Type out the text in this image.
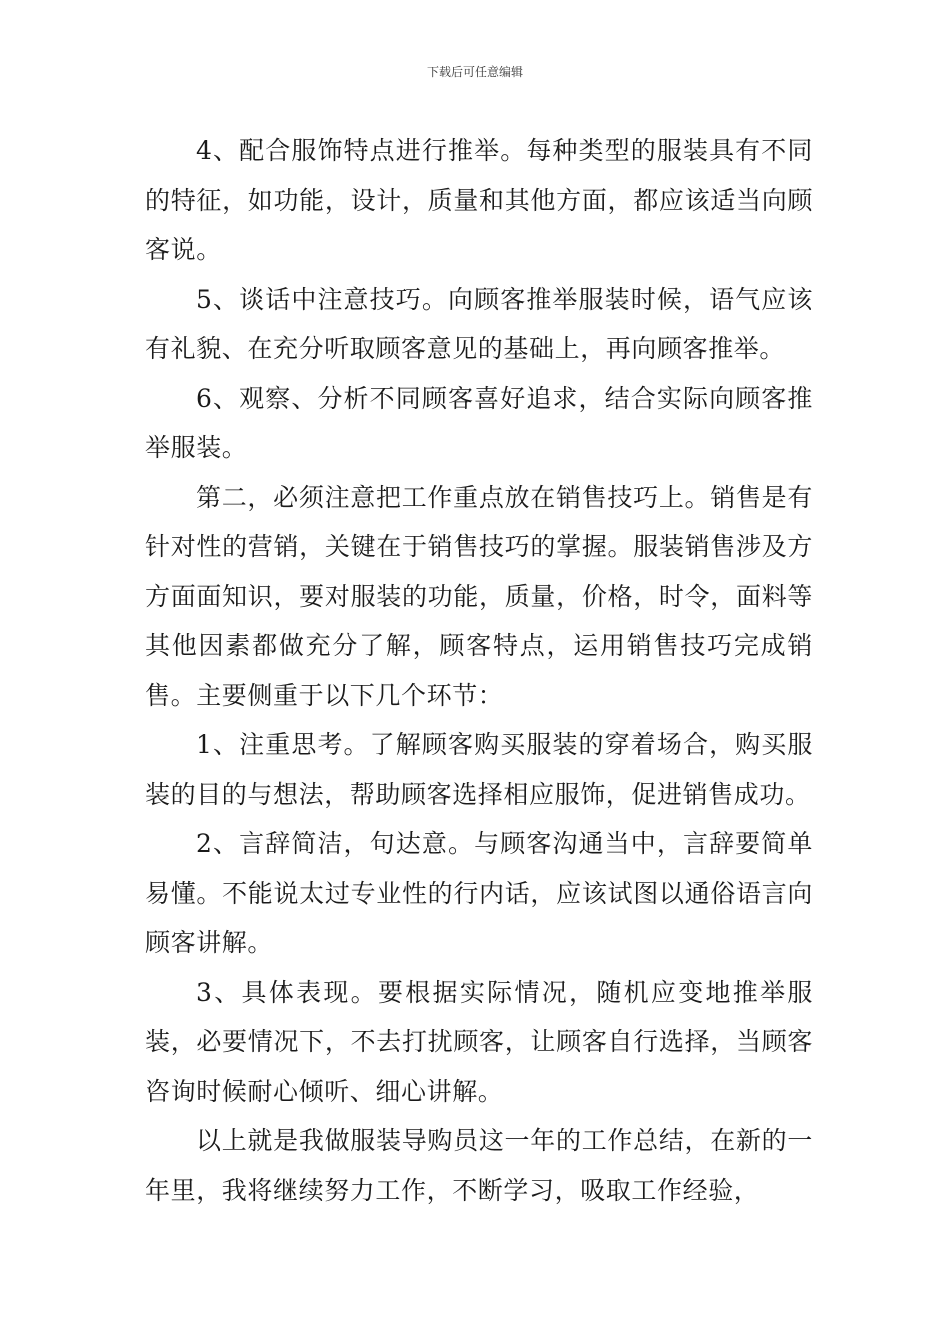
下载后可任意编辑

4、配合服饰特点进行推举。每种类型的服装具有不同的特征，如功能，设计，质量和其他方面，都应该适当向顾客说。

5、谈话中注意技巧。向顾客推举服装时候，语气应该有礼貌、在充分听取顾客意见的基础上，再向顾客推举。

6、观察、分析不同顾客喜好追求，结合实际向顾客推举服装。

第二，必须注意把工作重点放在销售技巧上。销售是有针对性的营销，关键在于销售技巧的掌握。服装销售涉及方方面面知识，要对服装的功能，质量，价格，时令，面料等其他因素都做充分了解，顾客特点，运用销售技巧完成销售。主要侧重于以下几个环节：

1、注重思考。了解顾客购买服装的穿着场合，购买服装的目的与想法，帮助顾客选择相应服饰，促进销售成功。

2、言辞简洁，句达意。与顾客沟通当中，言辞要简单易懂。不能说太过专业性的行内话，应该试图以通俗语言向顾客讲解。

3、具体表现。要根据实际情况，随机应变地推举服装，必要情况下，不去打扰顾客，让顾客自行选择，当顾客咨询时候耐心倾听、细心讲解。

以上就是我做服装导购员这一年的工作总结，在新的一年里，我将继续努力工作，不断学习，吸取工作经验，
